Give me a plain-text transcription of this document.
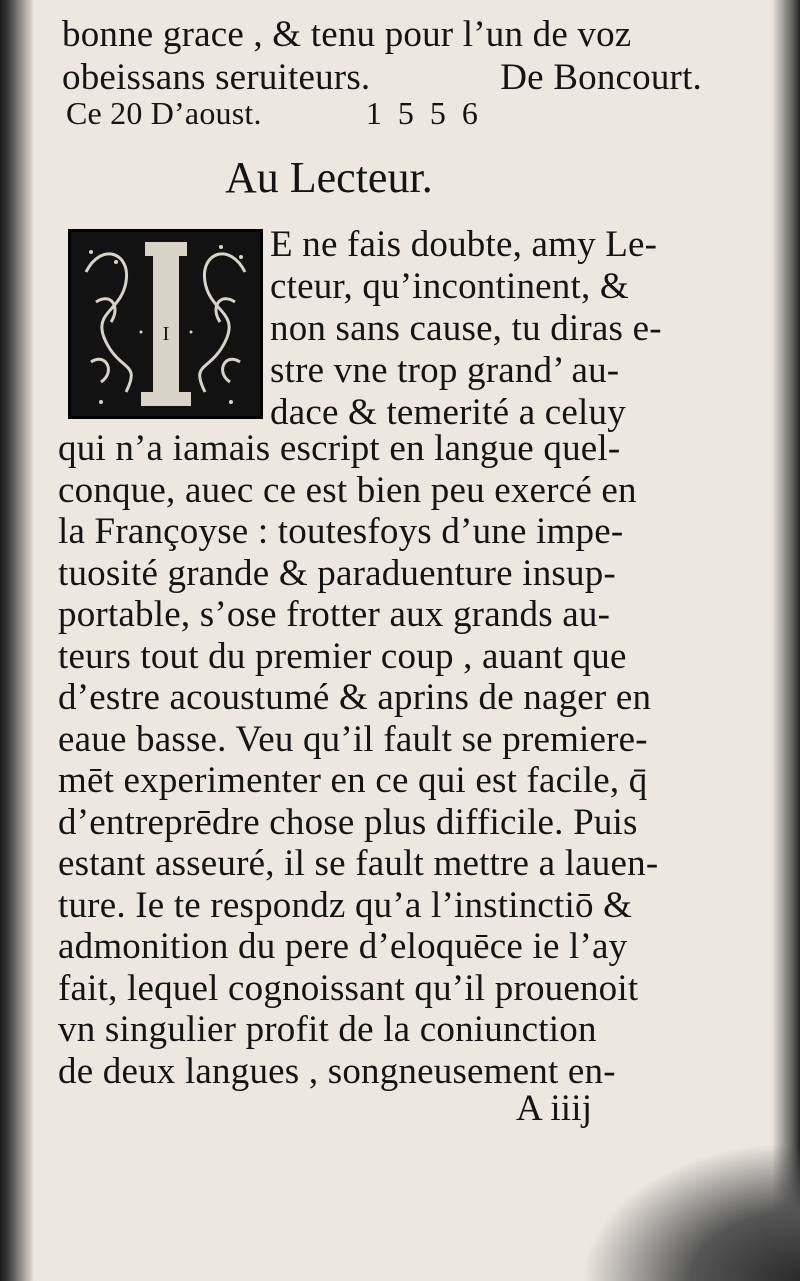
bonne grace , & tenu pour l’un de voz
obeissans seruiteurs.	De Boncourt.
Ce 20 D’aoust.	1 5 5 6
Au Lecteur.
I
E ne fais doubte, amy Le-
cteur, qu’incontinent, &
non sans cause, tu diras e-
stre vne trop grand’ au-
dace & temerité a celuy
qui n’a iamais escript en langue quel-
conque, auec ce est bien peu exercé en
la Françoyse : toutesfoys d’une impe-
tuosité grande & paraduenture insup-
portable, s’ose frotter aux grands au-
teurs tout du premier coup , auant que
d’estre acoustumé & aprins de nager en
eaue basse. Veu qu’il fault se premiere-
mēt experimenter en ce qui est facile, q̄
d’entreprēdre chose plus difficile. Puis
estant asseuré, il se fault mettre a lauen-
ture. Ie te respondz qu’a l’instinctiō &
admonition du pere d’eloquēce ie l’ay
fait, lequel cognoissant qu’il prouenoit
vn singulier profit de la coniunction
de deux langues , songneusement en-
A iiij
